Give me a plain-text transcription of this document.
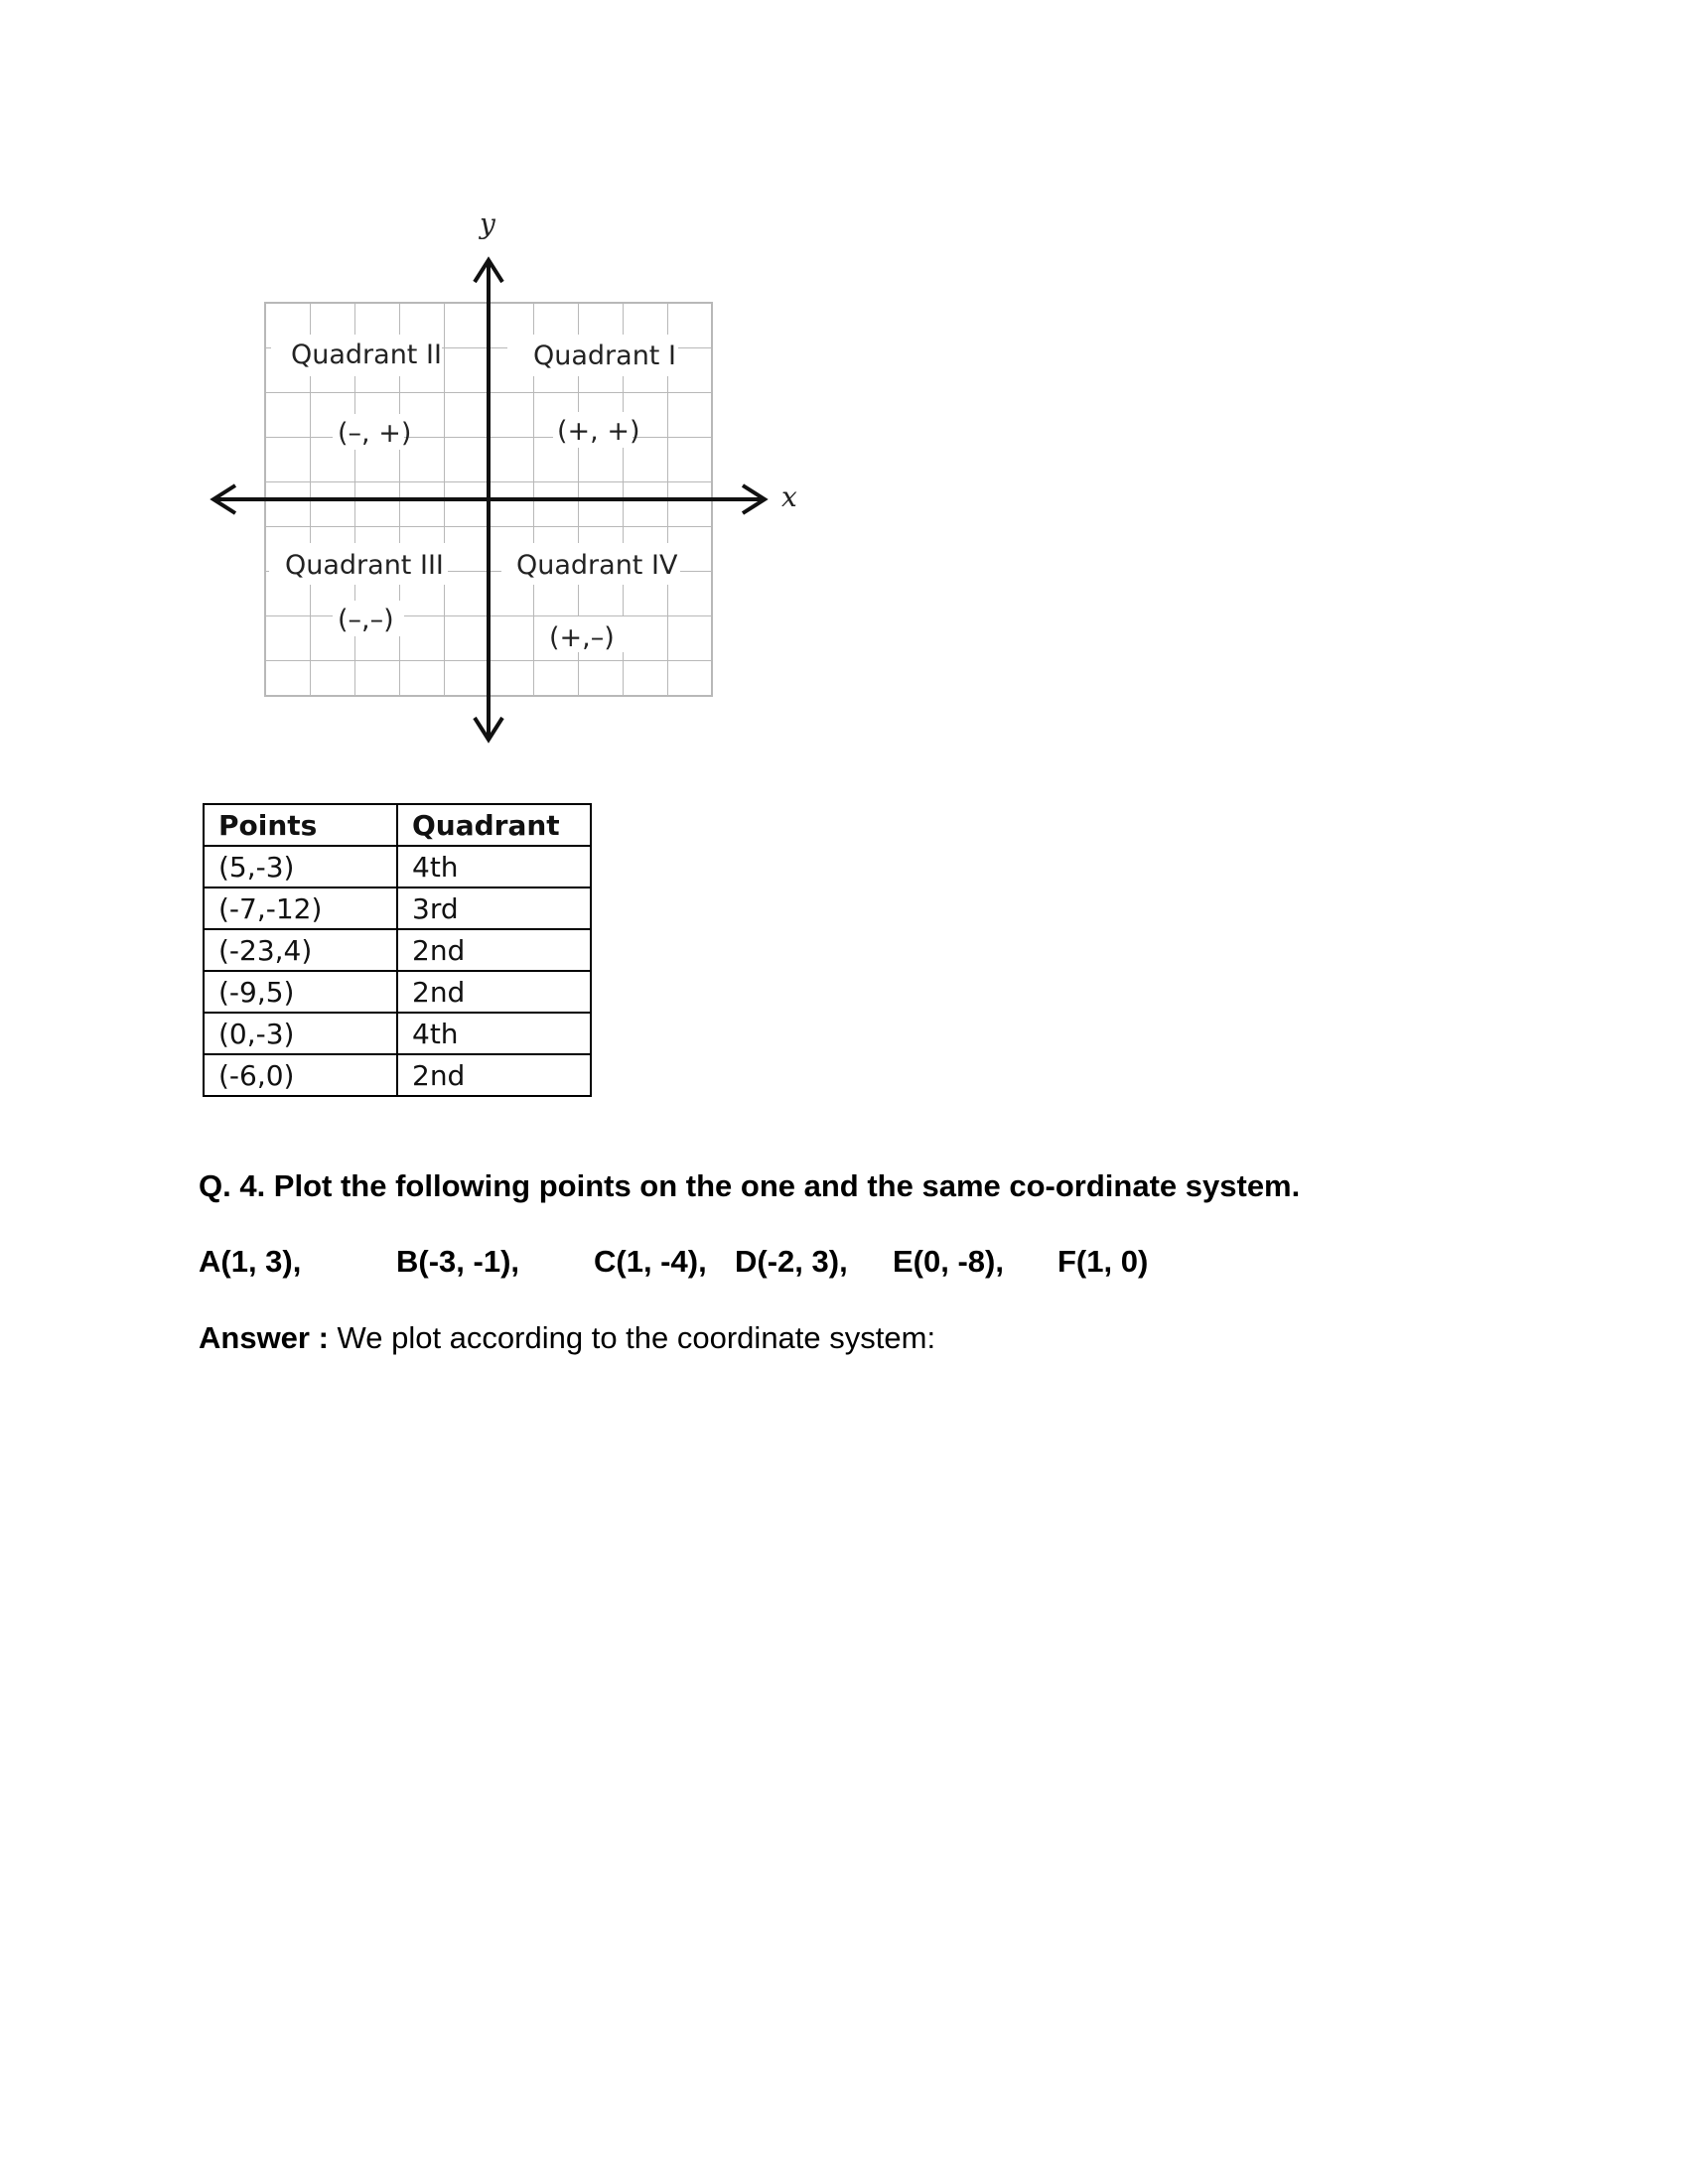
y
x
Quadrant II	Quadrant I
(–, +)	(+, +)
Quadrant III	Quadrant IV
(–,–)
(+,–)
Points	Quadrant
(5,-3)	4th
(-7,-12)	3rd
(-23,4)	2nd
(-9,5)	2nd
(0,-3)	4th
(-6,0)	2nd
Q. 4. Plot the following points on the one and the same co-ordinate system.
A(1, 3),	B(-3, -1), C(1, -4), D(-2, 3), E(0, -8), F(1, 0)
Answer : We plot according to the coordinate system:
